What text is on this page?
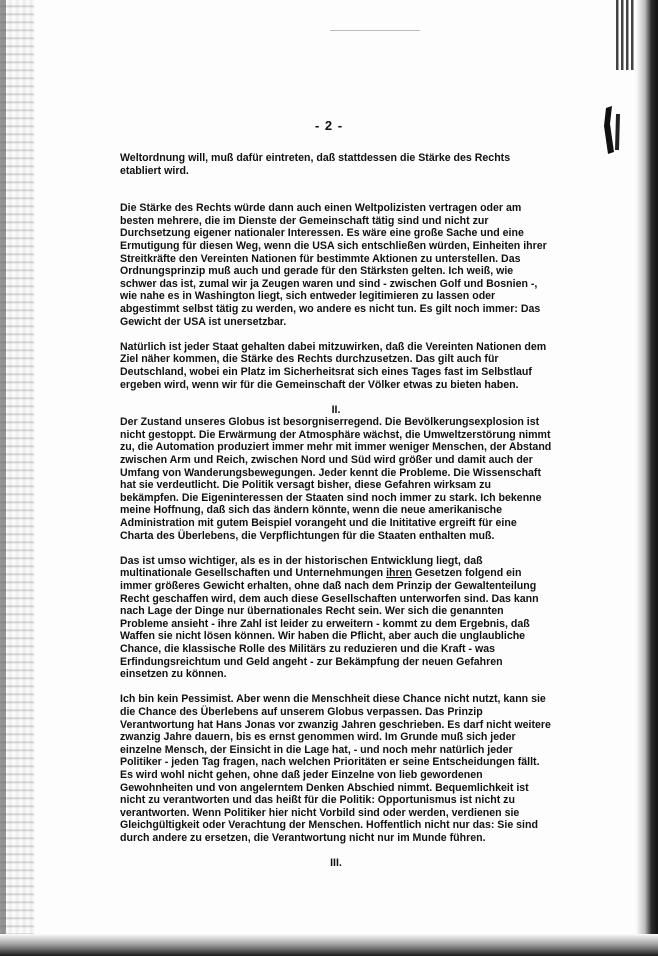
- 2 -

Weltordnung will, muß dafür eintreten, daß stattdessen die Stärke des Rechts etabliert wird.

Die Stärke des Rechts würde dann auch einen Weltpolizisten vertragen oder am besten mehrere, die im Dienste der Gemeinschaft tätig sind und nicht zur Durchsetzung eigener nationaler Interessen. Es wäre eine große Sache und eine Ermutigung für diesen Weg, wenn die USA sich entschließen würden, Einheiten ihrer Streitkräfte den Vereinten Nationen für bestimmte Aktionen zu unterstellen. Das Ordnungsprinzip muß auch und gerade für den Stärksten gelten. Ich weiß, wie schwer das ist, zumal wir ja Zeugen waren und sind - zwischen Golf und Bosnien -, wie nahe es in Washington liegt, sich entweder legitimieren zu lassen oder abgestimmt selbst tätig zu werden, wo andere es nicht tun. Es gilt noch immer: Das Gewicht der USA ist unersetzbar.

Natürlich ist jeder Staat gehalten dabei mitzuwirken, daß die Vereinten Nationen dem Ziel näher kommen, die Stärke des Rechts durchzusetzen. Das gilt auch für Deutschland, wobei ein Platz im Sicherheitsrat sich eines Tages fast im Selbstlauf ergeben wird, wenn wir für die Gemeinschaft der Völker etwas zu bieten haben.

II.

Der Zustand unseres Globus ist besorgniserregend. Die Bevölkerungsexplosion ist nicht gestoppt. Die Erwärmung der Atmosphäre wächst, die Umweltzerstörung nimmt zu, die Automation produziert immer mehr mit immer weniger Menschen, der Abstand zwischen Arm und Reich, zwischen Nord und Süd wird größer und damit auch der Umfang von Wanderungsbewegungen. Jeder kennt die Probleme. Die Wissenschaft hat sie verdeutlicht. Die Politik versagt bisher, diese Gefahren wirksam zu bekämpfen. Die Eigeninteressen der Staaten sind noch immer zu stark. Ich bekenne meine Hoffnung, daß sich das ändern könnte, wenn die neue amerikanische Administration mit gutem Beispiel vorangeht und die Inititative ergreift für eine Charta des Überlebens, die Verpflichtungen für die Staaten enthalten muß.

Das ist umso wichtiger, als es in der historischen Entwicklung liegt, daß multinationale Gesellschaften und Unternehmungen ihren Gesetzen folgend ein immer größeres Gewicht erhalten, ohne daß nach dem Prinzip der Gewaltenteilung Recht geschaffen wird, dem auch diese Gesellschaften unterworfen sind. Das kann nach Lage der Dinge nur übernationales Recht sein. Wer sich die genannten Probleme ansieht - ihre Zahl ist leider zu erweitern - kommt zu dem Ergebnis, daß Waffen sie nicht lösen können. Wir haben die Pflicht, aber auch die unglaubliche Chance, die klassische Rolle des Militärs zu reduzieren und die Kraft - was Erfindungsreichtum und Geld angeht - zur Bekämpfung der neuen Gefahren einsetzen zu können.

Ich bin kein Pessimist. Aber wenn die Menschheit diese Chance nicht nutzt, kann sie die Chance des Überlebens auf unserem Globus verpassen. Das Prinzip Verantwortung hat Hans Jonas vor zwanzig Jahren geschrieben. Es darf nicht weitere zwanzig Jahre dauern, bis es ernst genommen wird. Im Grunde muß sich jeder einzelne Mensch, der Einsicht in die Lage hat, - und noch mehr natürlich jeder Politiker - jeden Tag fragen, nach welchen Prioritäten er seine Entscheidungen fällt. Es wird wohl nicht gehen, ohne daß jeder Einzelne von lieb gewordenen Gewohnheiten und von angelerntem Denken Abschied nimmt. Bequemlichkeit ist nicht zu verantworten und das heißt für die Politik: Opportunismus ist nicht zu verantworten. Wenn Politiker hier nicht Vorbild sind oder werden, verdienen sie Gleichgültigkeit oder Verachtung der Menschen. Hoffentlich nicht nur das: Sie sind durch andere zu ersetzen, die Verantwortung nicht nur im Munde führen.

III.
